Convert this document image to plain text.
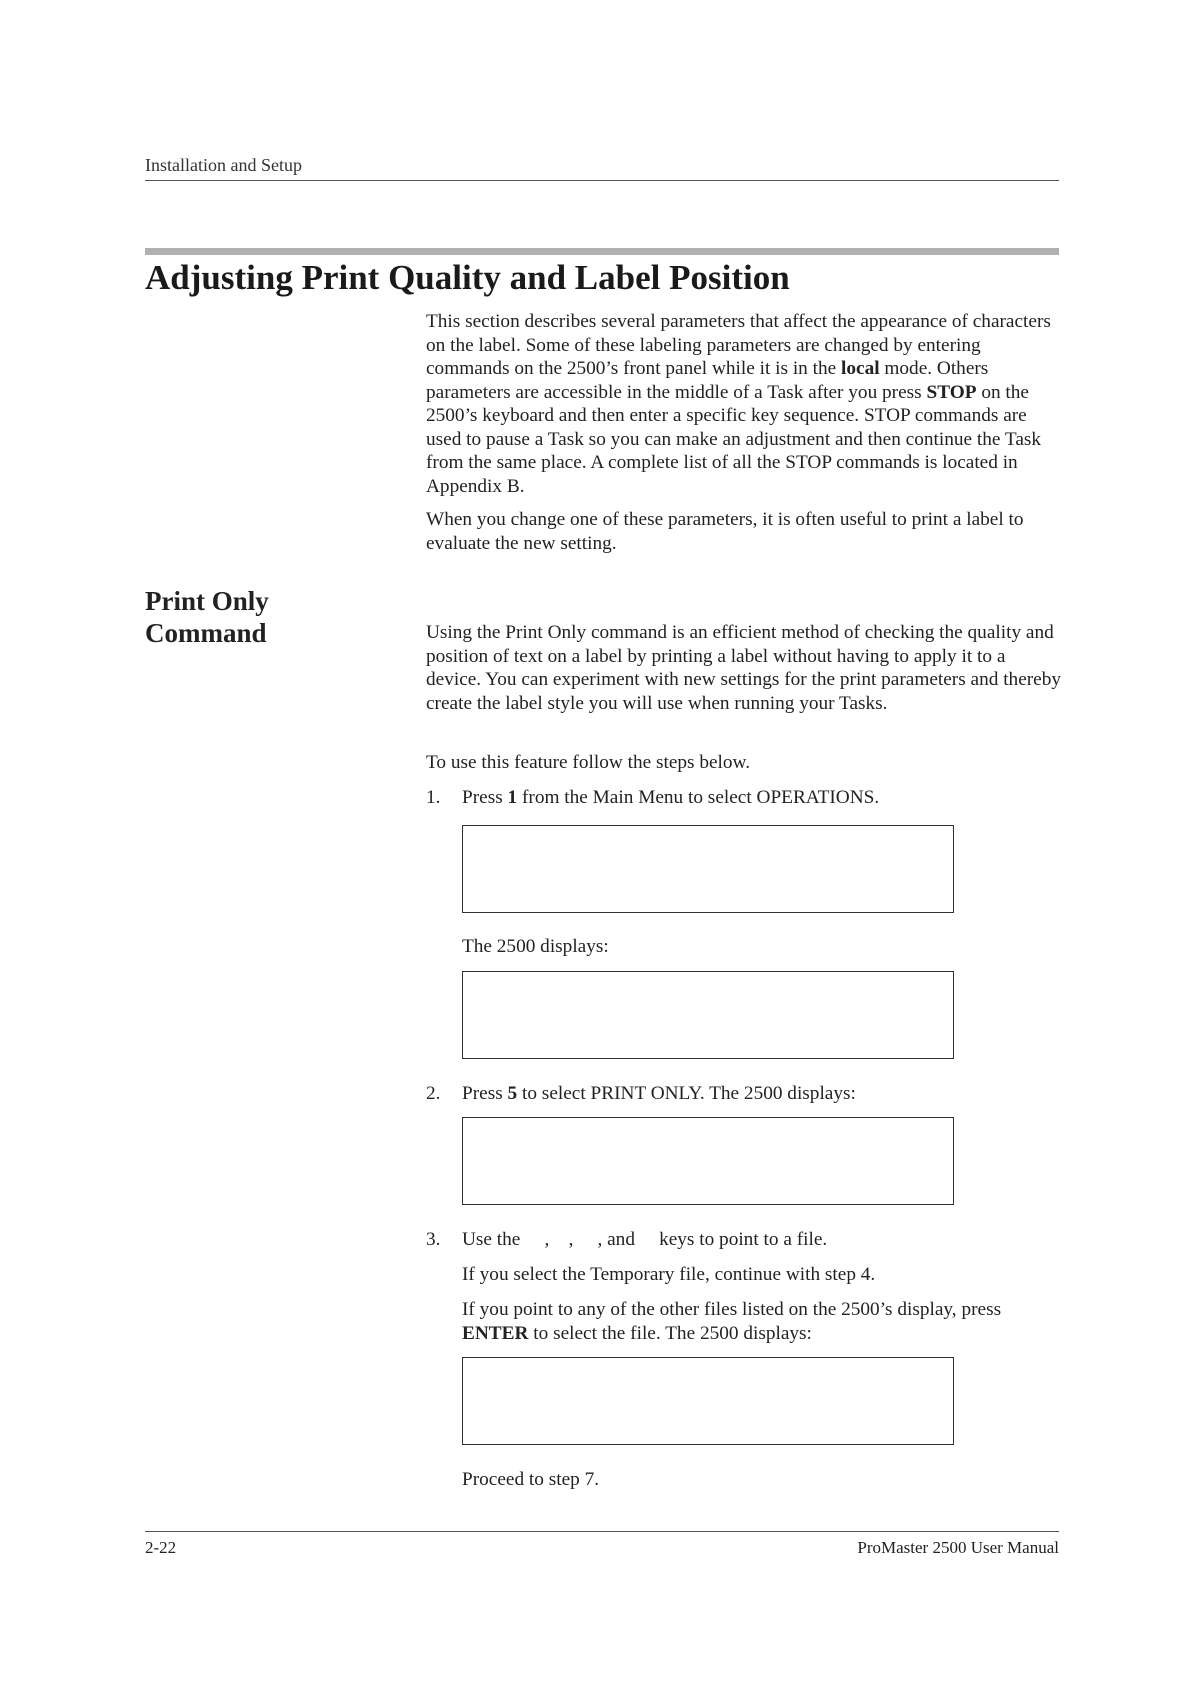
Installation and Setup
Adjusting Print Quality and Label Position

This section describes several parameters that affect the appearance of characters on the label. Some of these labeling parameters are changed by entering commands on the 2500’s front panel while it is in the local mode. Others parameters are accessible in the middle of a Task after you press STOP on the 2500’s keyboard and then enter a specific key sequence. STOP commands are used to pause a Task so you can make an adjustment and then continue the Task from the same place. A complete list of all the STOP commands is located in Appendix B.

When you change one of these parameters, it is often useful to print a label to evaluate the new setting.

Print Only
Command	Using the Print Only command is an efficient method of checking the quality and position of text on a label by printing a label without having to apply it to a device. You can experiment with new settings for the print parameters and thereby create the label style you will use when running your Tasks.

To use this feature follow the steps below.

1. Press 1 from the Main Menu to select OPERATIONS.
The 2500 displays:
2. Press 5 to select PRINT ONLY. The 2500 displays:
3. Use the     ,    ,     , and     keys to point to a file.
If you select the Temporary file, continue with step 4.
If you point to any of the other files listed on the 2500’s display, press ENTER to select the file. The 2500 displays:
Proceed to step 7.
2-22	ProMaster 2500 User Manual
